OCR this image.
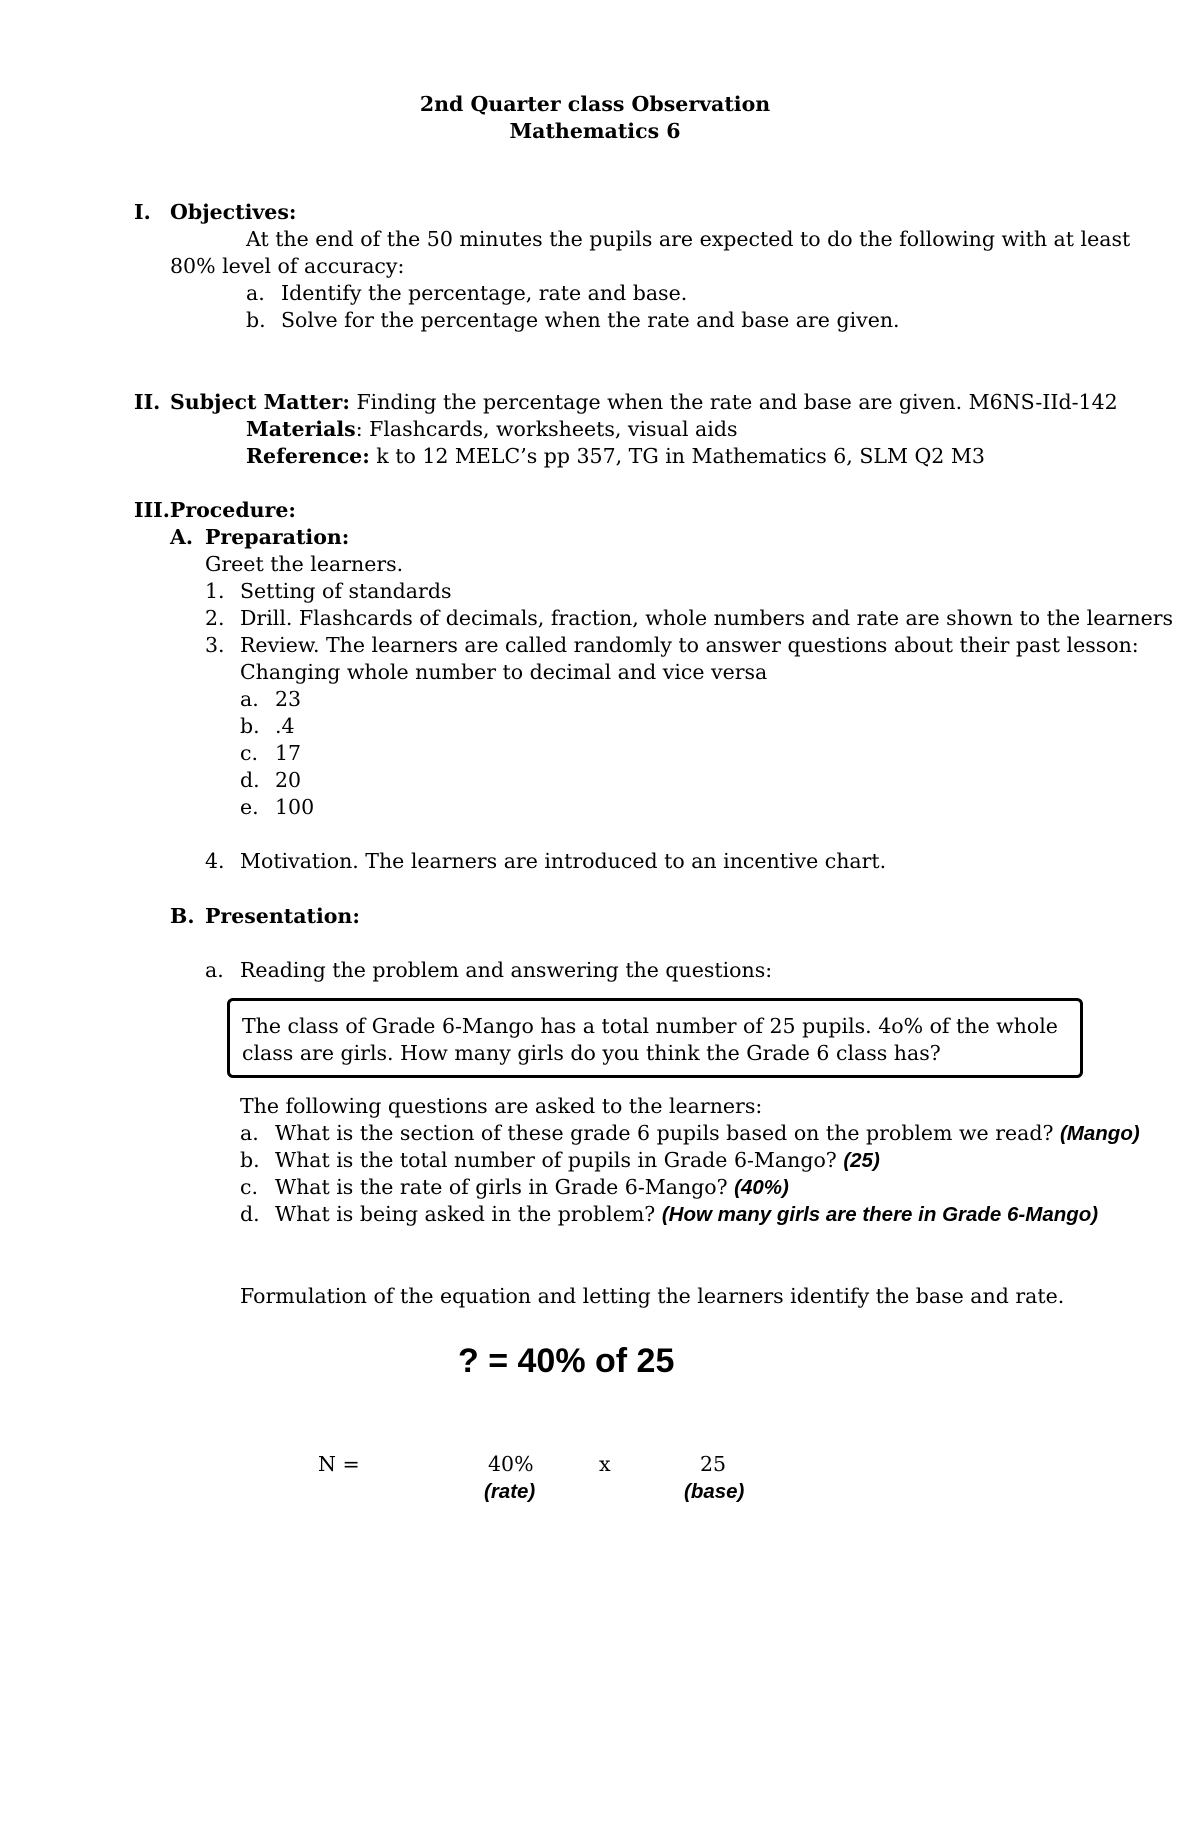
2nd Quarter class Observation
Mathematics 6
I. Objectives:
At the end of the 50 minutes the pupils are expected to do the following with at least
80% level of accuracy:
a. Identify the percentage, rate and base.
b. Solve for the percentage when the rate and base are given.
II. Subject Matter: Finding the percentage when the rate and base are given. M6NS-IId-142
Materials: Flashcards, worksheets, visual aids
Reference: k to 12 MELC’s pp 357, TG in Mathematics 6, SLM Q2 M3
III.Procedure:
A. Preparation:
Greet the learners.
1. Setting of standards
2. Drill. Flashcards of decimals, fraction, whole numbers and rate are shown to the learners
3. Review. The learners are called randomly to answer questions about their past lesson:
Changing whole number to decimal and vice versa
a. 23
b. .4
c. 17
d. 20
e. 100
4. Motivation. The learners are introduced to an incentive chart.
B. Presentation:
a. Reading the problem and answering the questions:
The class of Grade 6-Mango has a total number of 25 pupils. 4o% of the whole class are girls. How many girls do you think the Grade 6 class has?
The following questions are asked to the learners:
a. What is the section of these grade 6 pupils based on the problem we read? (Mango)
b. What is the total number of pupils in Grade 6-Mango? (25)
c. What is the rate of girls in Grade 6-Mango? (40%)
d. What is being asked in the problem? (How many girls are there in Grade 6-Mango)
Formulation of the equation and letting the learners identify the base and rate.
? = 40% of 25
N =	40%	x	25
(rate)	(base)
